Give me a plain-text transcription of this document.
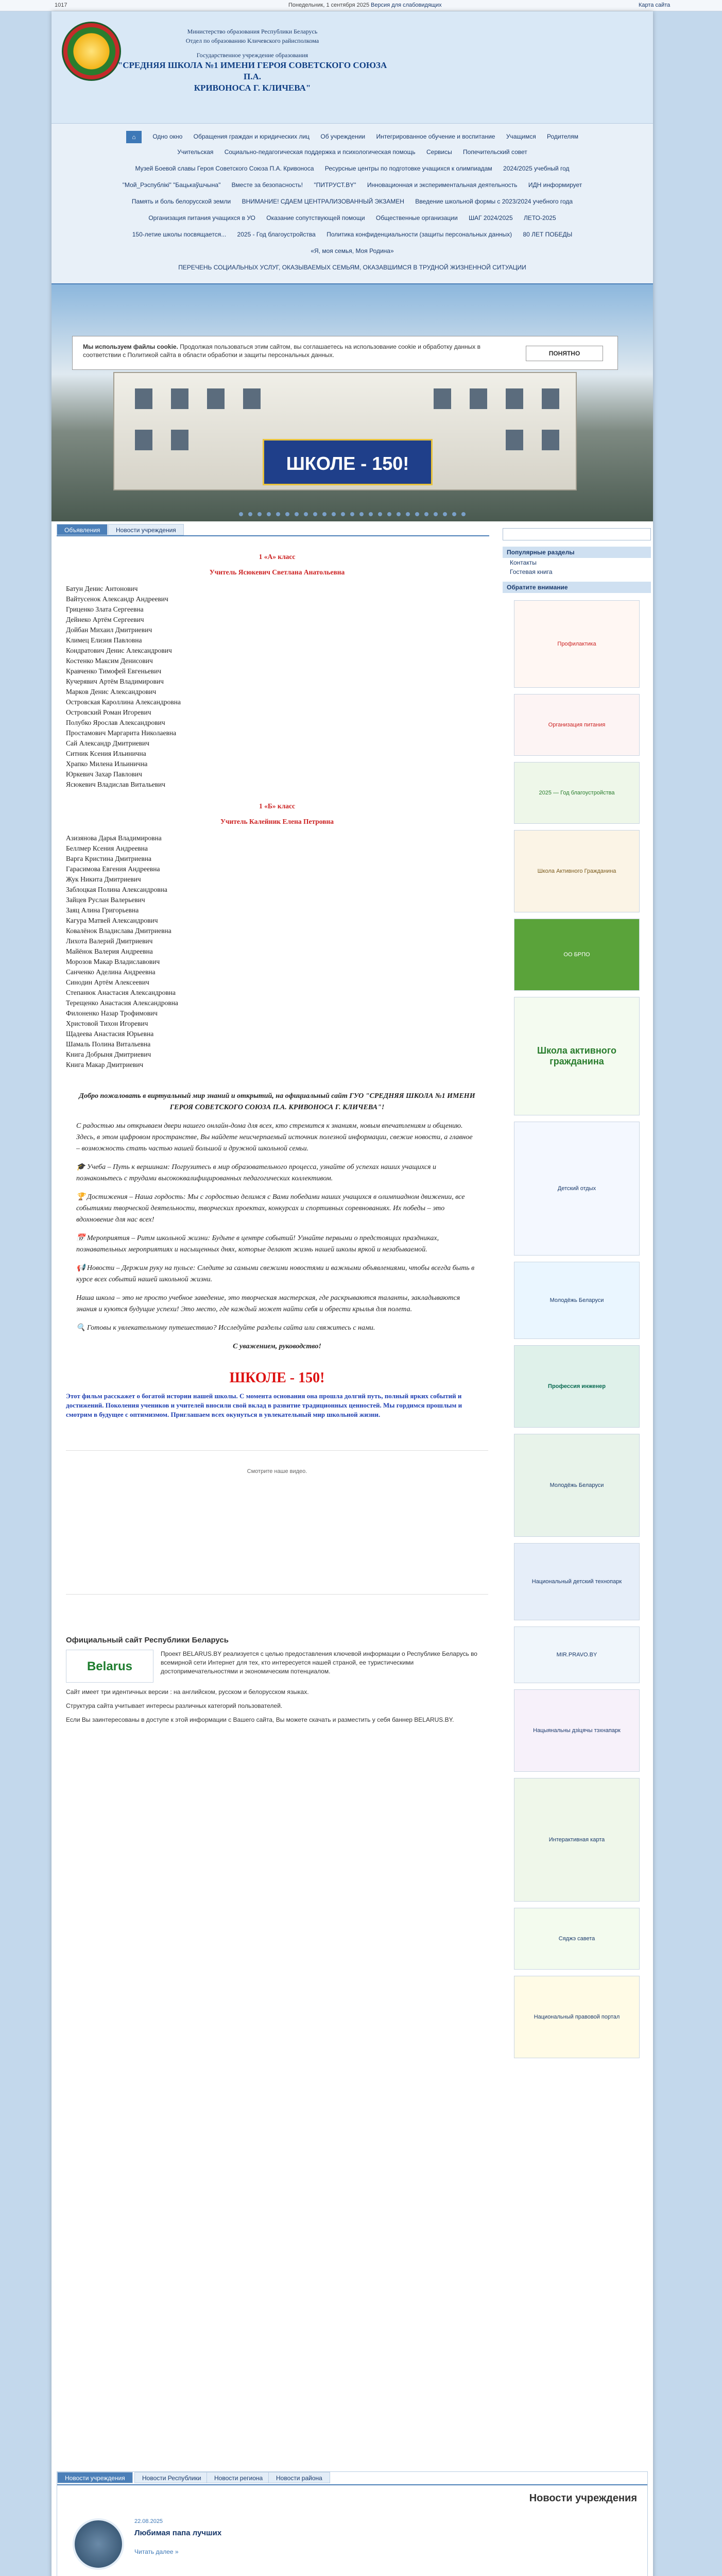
1017	Понедельник, 1 сентября 2025 Версия для слабовидящих	Карта сайта
Министерство образования Республики Беларусь
Отдел по образованию Кличевского райисполкома
Государственное учреждение образования
"СРЕДНЯЯ ШКОЛА №1 ИМЕНИ ГЕРОЯ СОВЕТСКОГО СОЮЗА П.А.
КРИВОНОСА Г. КЛИЧЕВА"
⌂	Одно окно Обращения граждан и юридических лиц Об учреждении Интегрированное обучение и воспитание Учащимся Родителям
Учительская Социально-педагогическая поддержка и психологическая помощь Сервисы Попечительский совет
Музей Боевой славы Героя Советского Союза П.А. Кривоноса Ресурсные центры по подготовке учащихся к олимпиадам 2024/2025 учебный год
"Мой_Рэспублікі" "Бацькаўшчына" Вместе за безопасность! "ПИТРУСТ.BY" Инновационная и экспериментальная деятельность ИДН информирует
Память и боль белорусской земли ВНИМАНИЕ! СДАЕМ ЦЕНТРАЛИЗОВАННЫЙ ЭКЗАМЕН Введение школьной формы с 2023/2024 учебного года
Организация питания учащихся в УО Оказание сопутствующей помощи Общественные организации ШАГ 2024/2025 ЛЕТО-2025
150-летие школы посвящается... 2025 - Год благоустройства Политика конфиденциальности (защиты персональных данных) 80 ЛЕТ ПОБЕДЫ
«Я, моя семья, Моя Родина»
ПЕРЕЧЕНЬ СОЦИАЛЬНЫХ УСЛУГ, ОКАЗЫВАЕМЫХ СЕМЬЯМ, ОКАЗАВШИМСЯ В ТРУДНОЙ ЖИЗНЕННОЙ СИТУАЦИИ
ШКОЛЕ - 150!
Мы используем файлы cookie. Продолжая пользоваться этим сайтом, вы соглашаетесь на использование cookie и обработку данных в соответствии с Политикой сайта в области обработки и защиты персональных данных.	ПОНЯТНО
Объявления	Новости учреждения
1 «А» класс
Учитель Ясюкевич Светлана Анатольевна
Батун Денис Антонович
Вайтусенок Александр Андреевич
Гриценко Злата Сергеевна
Дейнеко Артём Сергеевич
Дойбан Михаил Дмитриевич
Климец Елизия Павловна
Кондратович Денис Александрович
Костенко Максим Денисович
Кравченко Тимофей Евгеньевич
Кучерявич Артём Владимирович
Марков Денис Александрович
Островская Кароллина Александровна
Островский Роман Игоревич
Полубко Ярослав Александрович
Простамович Маргарита Николаевна
Сай Александр Дмитриевич
Ситник Ксения Ильинична
Храпко Милена Ильинична
Юркевич Захар Павлович
Ясюкевич Владислав Витальевич
1 «Б» класс
Учитель Калейник Елена Петровна
Азизянова Дарья Владимировна
Беллмер Ксения Андреевна
Варга Кристина Дмитриевна
Гарасимова Евгения Андреевна
Жук Никита Дмитриевич
Заблоцкая Полина Александровна
Зайцев Руслан Валерьевич
Заяц Алина Григорьевна
Кагура Матвей Александрович
Ковалёнок Владислава Дмитриевна
Лихота Валерий Дмитриевич
Майёнок Валерия Андреевна
Морозов Макар Владиславович
Санченко Аделина Андреевна
Синодин Артём Алексеевич
Степанюк Анастасия Александровна
Терещенко Анастасия Александровна
Филоненко Назар Трофимович
Христовой Тихон Игоревич
Щадеева Анастасия Юрьевна
Шамаль Полина Витальевна
Книга Добрыня Дмитриевич
Книга Макар Дмитриевич

Добро пожаловать в виртуальный мир знаний и открытий, на официальный сайт ГУО "СРЕДНЯЯ ШКОЛА №1 ИМЕНИ ГЕРОЯ СОВЕТСКОГО СОЮЗА П.А. КРИВОНОСА Г. КЛИЧЕВА"!

С радостью мы открываем двери нашего онлайн-дома для всех, кто стремится к знаниям, новым впечатлениям и общению. Здесь, в этом цифровом пространстве, Вы найдете неисчерпаемый источник полезной информации, свежие новости, а главное – возможность стать частью нашей большой и дружной школьной семьи.

🎓 Учеба – Путь к вершинам: Погрузитесь в мир образовательного процесса, узнайте об успехах наших учащихся и познакомьтесь с трудами высококвалифицированных педагогических коллективом.

🏆 Достижения – Наша гордость: Мы с гордостью делимся с Вами победами наших учащихся в олимпиадном движении, все событиями творческой деятельности, творческих проектах, конкурсах и спортивных соревнованиях. Их победы – это вдохновение для нас всех!

📅 Мероприятия – Ритм школьной жизни: Будьте в центре событий! Узнайте первыми о предстоящих праздниках, познавательных мероприятиях и насыщенных днях, которые делают жизнь нашей школы яркой и незабываемой.

📢 Новости – Держим руку на пульсе: Следите за самыми свежими новостями и важными объявлениями, чтобы всегда быть в курсе всех событий нашей школьной жизни.

Наша школа – это не просто учебное заведение, это творческая мастерская, где раскрываются таланты, закладываются знания и куются будущие успехи! Это место, где каждый может найти себя и обрести крылья для полета.

🔍 Готовы к увлекательному путешествию? Исследуйте разделы сайта или свяжитесь с нами.

С уважением, руководство!

ШКОЛЕ - 150!

Этот фильм расскажет о богатой истории нашей школы. С момента основания она прошла долгий путь, полный ярких событий и достижений. Поколения учеников и учителей вносили свой вклад в развитие традиционных ценностей. Мы гордимся прошлым и смотрим в будущее с оптимизмом. Приглашаем всех окунуться в увлекательный мир школьной жизни.

Смотрите наше видео.
Официальный сайт Республики Беларусь
Belarus
Проект BELARUS.BY реализуется с целью предоставления ключевой информации о Республике Беларусь во всемирной сети Интернет для тех, кто интересуется нашей страной, ее туристическими достопримечательностями и экономическим потенциалом.

Сайт имеет три идентичных версии : на английском, русском и белорусском языках.

Структура сайта учитывает интересы различных категорий пользователей.

Если Вы заинтересованы в доступе к этой информации с Вашего сайта, Вы можете скачать и разместить у себя баннер BELARUS.BY.

Новости учреждения	Новости Республики	Новости региона	Новости района
Новости учреждения
22.08.2025
Любимая папа лучших
Читать далее »
Популярные разделы
Контакты
Гостевая книга
Обратите внимание
Профилактика
Организация питания
2025 — Год благоустройства
Школа Активного Гражданина
ОО БРПО
Школа активного гражданина
Детский отдых
Молодёжь Беларуси
Профессия инженер
Молодёжь Беларуси
Национальный детский технопарк
MIR.PRAVO.BY
Нацыянальны дзіцячы тэхнапарк
Интерактивная карта
Сяджэ савета
Национальный правовой портал
